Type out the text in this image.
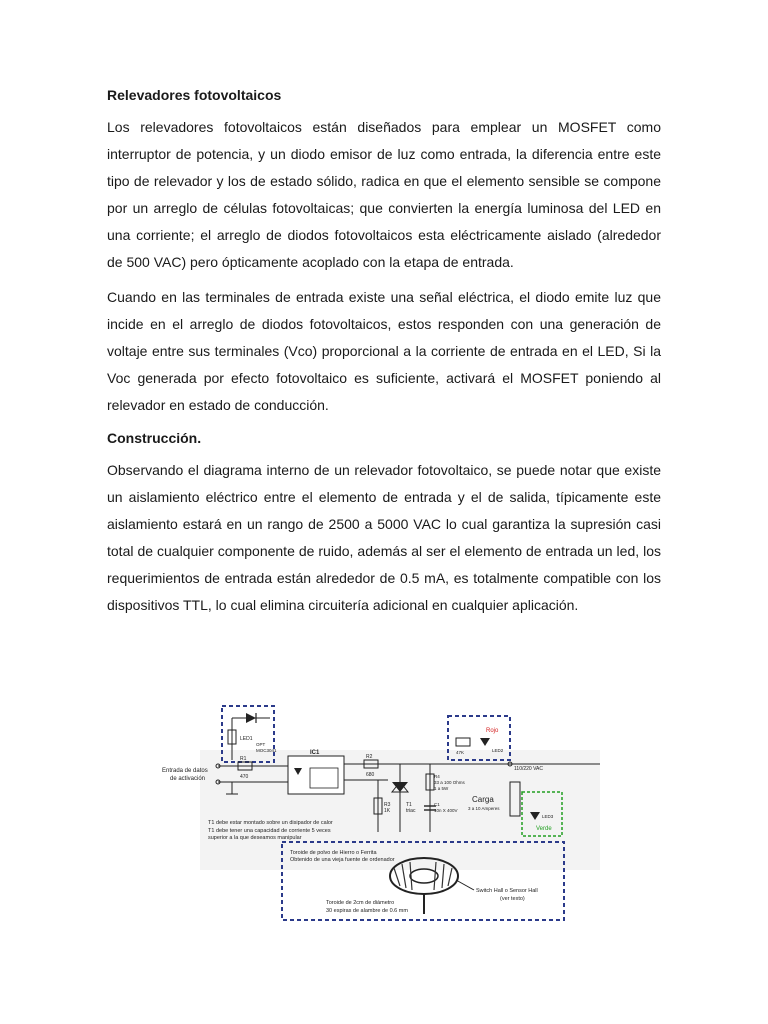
Relevadores fotovoltaicos

Los relevadores fotovoltaicos están diseñados para emplear un MOSFET como interruptor de potencia, y un diodo emisor de luz como entrada, la diferencia entre este tipo de relevador y los de estado sólido, radica en que el elemento sensible se compone por un arreglo de células fotovoltaicas; que convierten la energía luminosa del LED en una corriente; el arreglo de diodos fotovoltaicos esta eléctricamente aislado (alrededor de 500 VAC) pero ópticamente acoplado con la etapa de entrada.

Cuando en las terminales de entrada existe una señal eléctrica, el diodo emite luz que incide en el arreglo de diodos fotovoltaicos, estos responden con una generación de voltaje entre sus terminales (Vco) proporcional a la corriente de entrada en el LED, Si la Voc generada por efecto fotovoltaico es suficiente, activará el MOSFET poniendo al relevador en estado de conducción.

Construcción.

Observando el diagrama interno de un relevador fotovoltaico, se puede notar que existe un aislamiento eléctrico entre el elemento de entrada y el de salida, típicamente este aislamiento estará en un rango de 2500 a 5000 VAC lo cual garantiza la supresión casi total de cualquier componente de ruido, además al ser el elemento de entrada un led, los requerimientos de entrada están alrededor de 0.5 mA, es totalmente compatible con los dispositivos TTL, lo cual elimina circuitería adicional en cualquier aplicación.

LED1
Entrada de datos
de activación
R1
470
IC1
OPT
MOC3041
R2
680
R3
1K
T1
triac
R4
33 a 100 Ohms
1 a 5W
C1
10n X 400V
Rojo
47K	LED2
110/220 VAC
Carga
3 a 10 Amperes
LED3
Verde
T1 debe estar montado sobre un disipador de calor
T1 debe tener una capacidad de corriente 5 veces
superior a la que deseamos manipular
Toroide de polvo de Hierro o Ferrita
Obtenido de una vieja fuente de ordenador
Toroide de 2cm de diámetro
30 espiras de alambre de 0.6 mm
Switch Hall o Sensor Hall
(ver texto)
